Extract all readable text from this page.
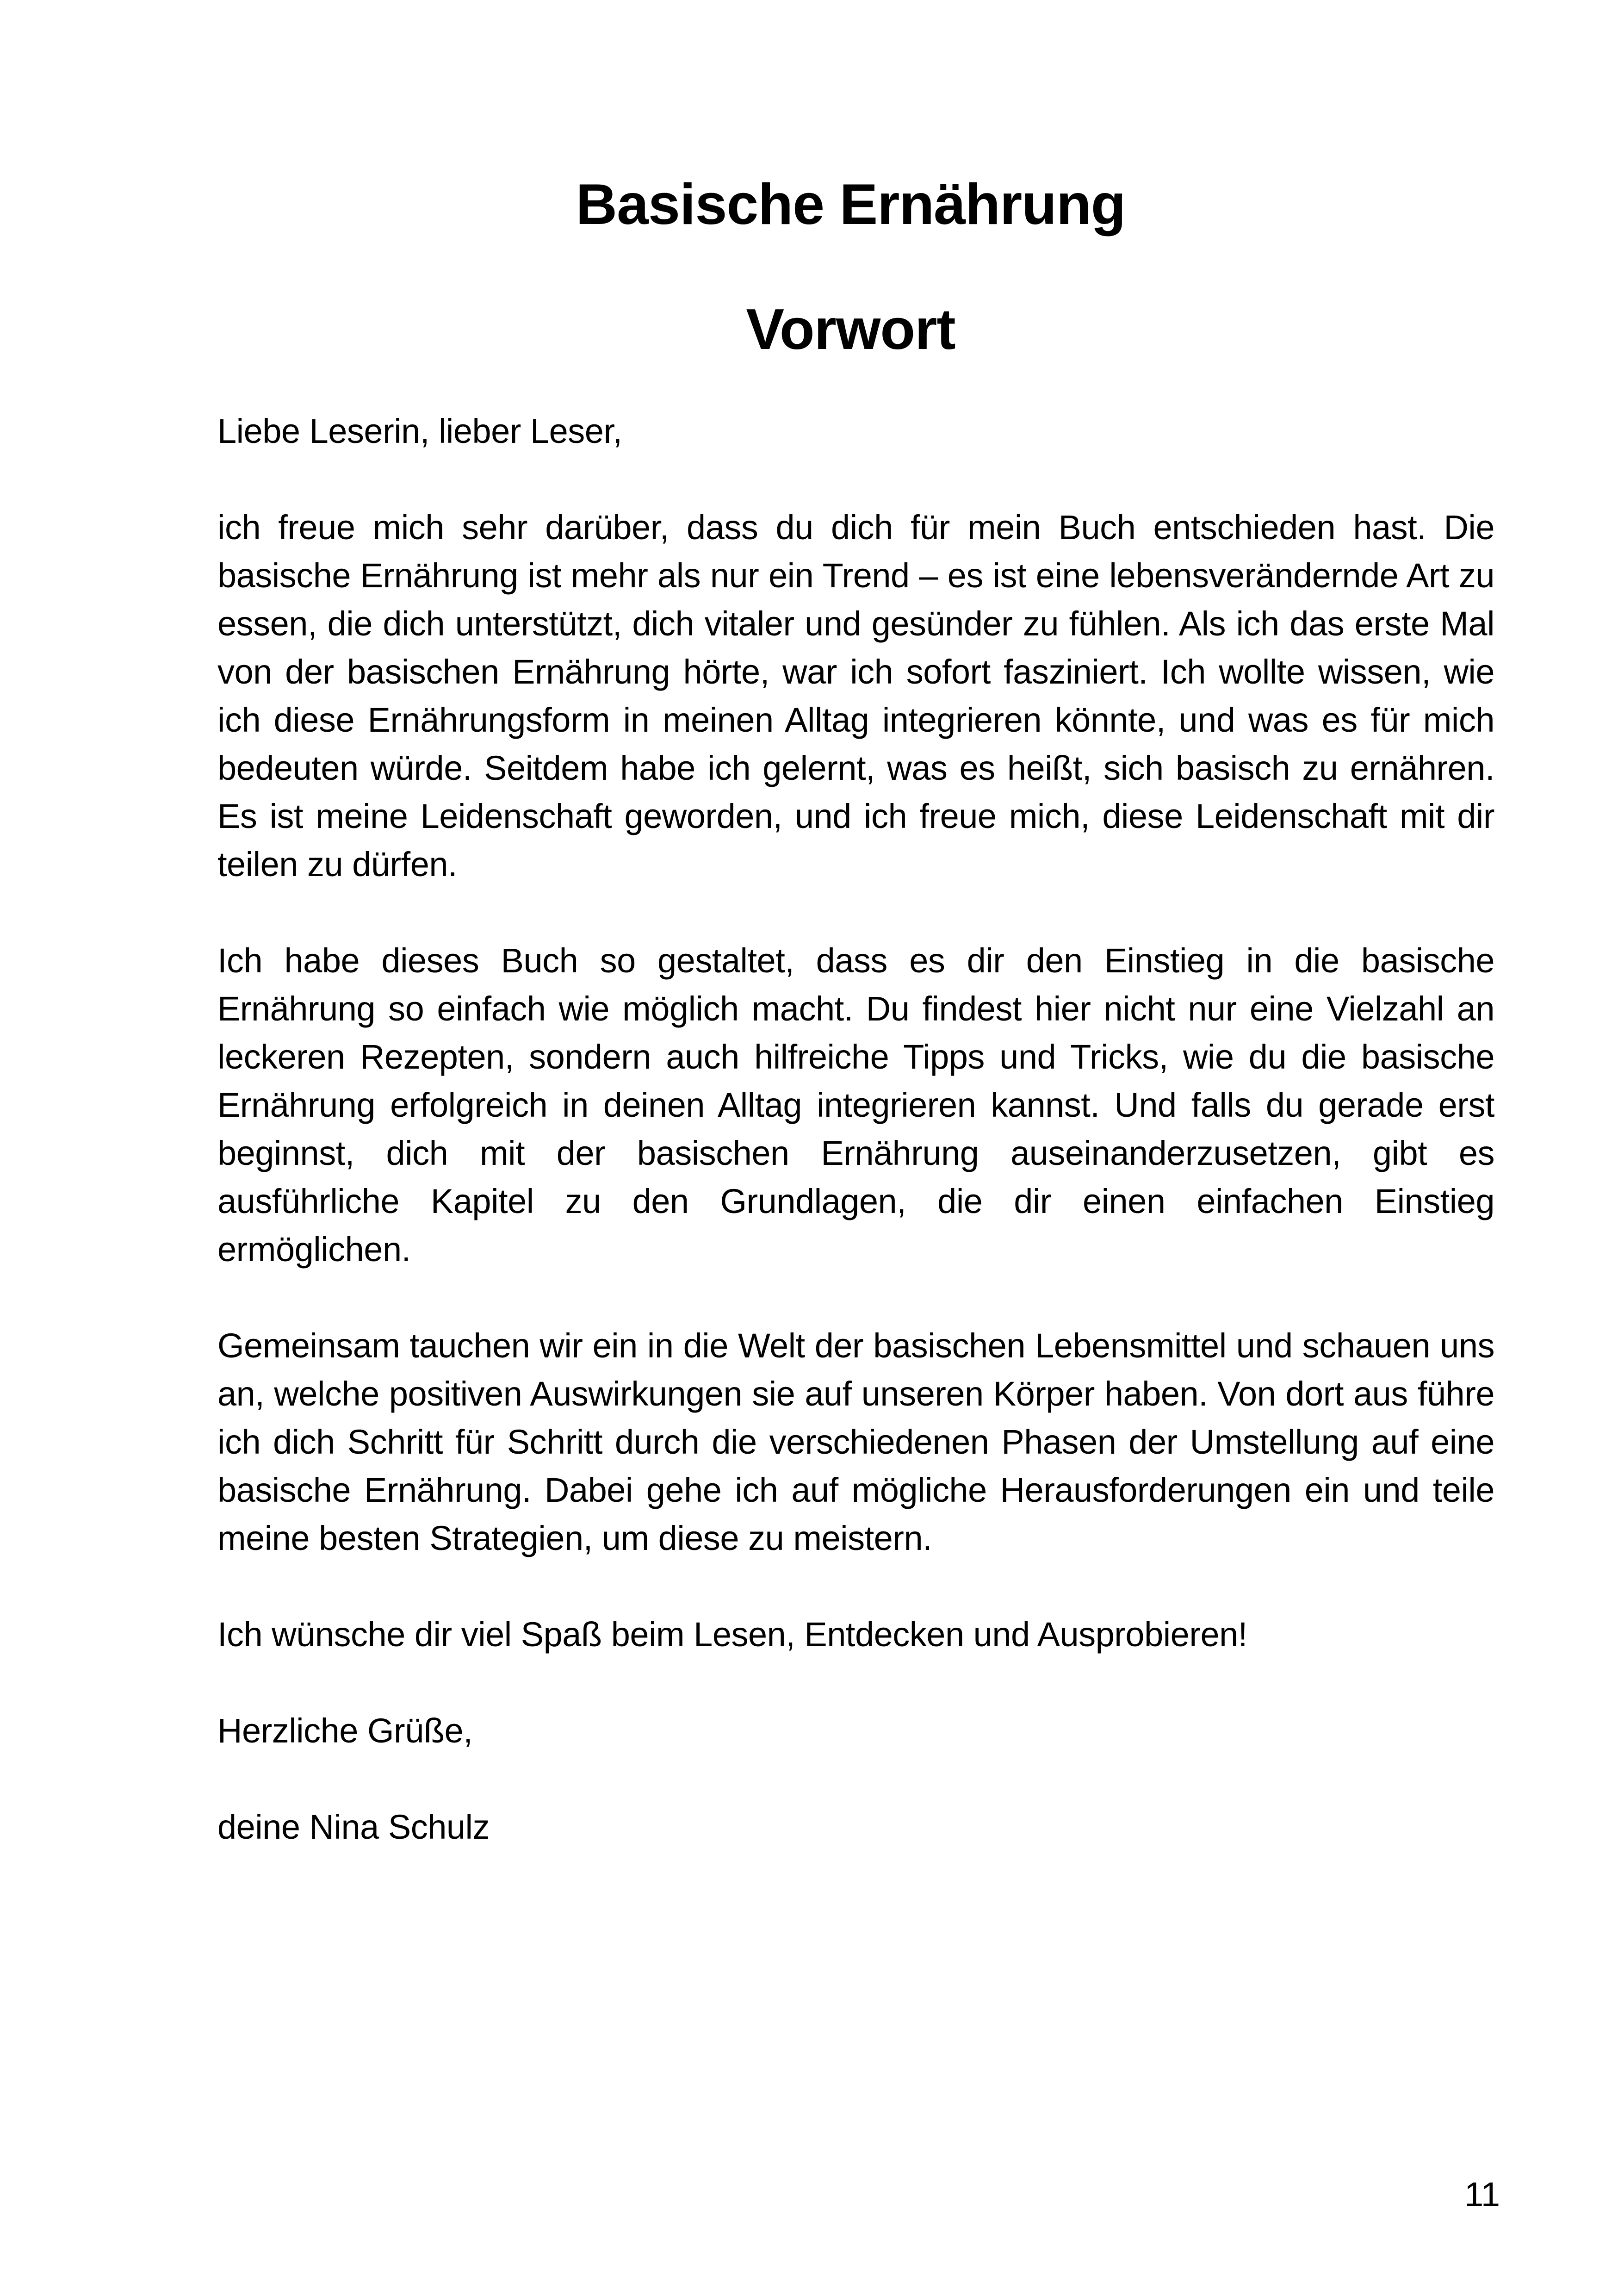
Basische Ernährung
Vorwort

Liebe Leserin, lieber Leser,

ich freue mich sehr darüber, dass du dich für mein Buch entschieden hast. Die basische Ernährung ist mehr als nur ein Trend – es ist eine lebensverändernde Art zu essen, die dich unterstützt, dich vitaler und gesünder zu fühlen. Als ich das erste Mal von der basischen Ernährung hörte, war ich sofort fasziniert. Ich wollte wissen, wie ich diese Ernährungsform in meinen Alltag integrieren könnte, und was es für mich bedeuten würde. Seitdem habe ich gelernt, was es heißt, sich basisch zu ernähren. Es ist meine Leidenschaft geworden, und ich freue mich, diese Leidenschaft mit dir teilen zu dürfen.

Ich habe dieses Buch so gestaltet, dass es dir den Einstieg in die basische Ernährung so einfach wie möglich macht. Du findest hier nicht nur eine Vielzahl an leckeren Rezepten, sondern auch hilfreiche Tipps und Tricks, wie du die basische Ernährung erfolgreich in deinen Alltag integrieren kannst. Und falls du gerade erst beginnst, dich mit der basischen Ernährung auseinanderzusetzen, gibt es ausführliche Kapitel zu den Grundlagen, die dir einen einfachen Einstieg ermöglichen.

Gemeinsam tauchen wir ein in die Welt der basischen Lebensmittel und schauen uns an, welche positiven Auswirkungen sie auf unseren Körper haben. Von dort aus führe ich dich Schritt für Schritt durch die verschiedenen Phasen der Umstellung auf eine basische Ernährung. Dabei gehe ich auf mögliche Herausforderungen ein und teile meine besten Strategien, um diese zu meistern.

Ich wünsche dir viel Spaß beim Lesen, Entdecken und Ausprobieren!

Herzliche Grüße,

deine Nina Schulz

11
